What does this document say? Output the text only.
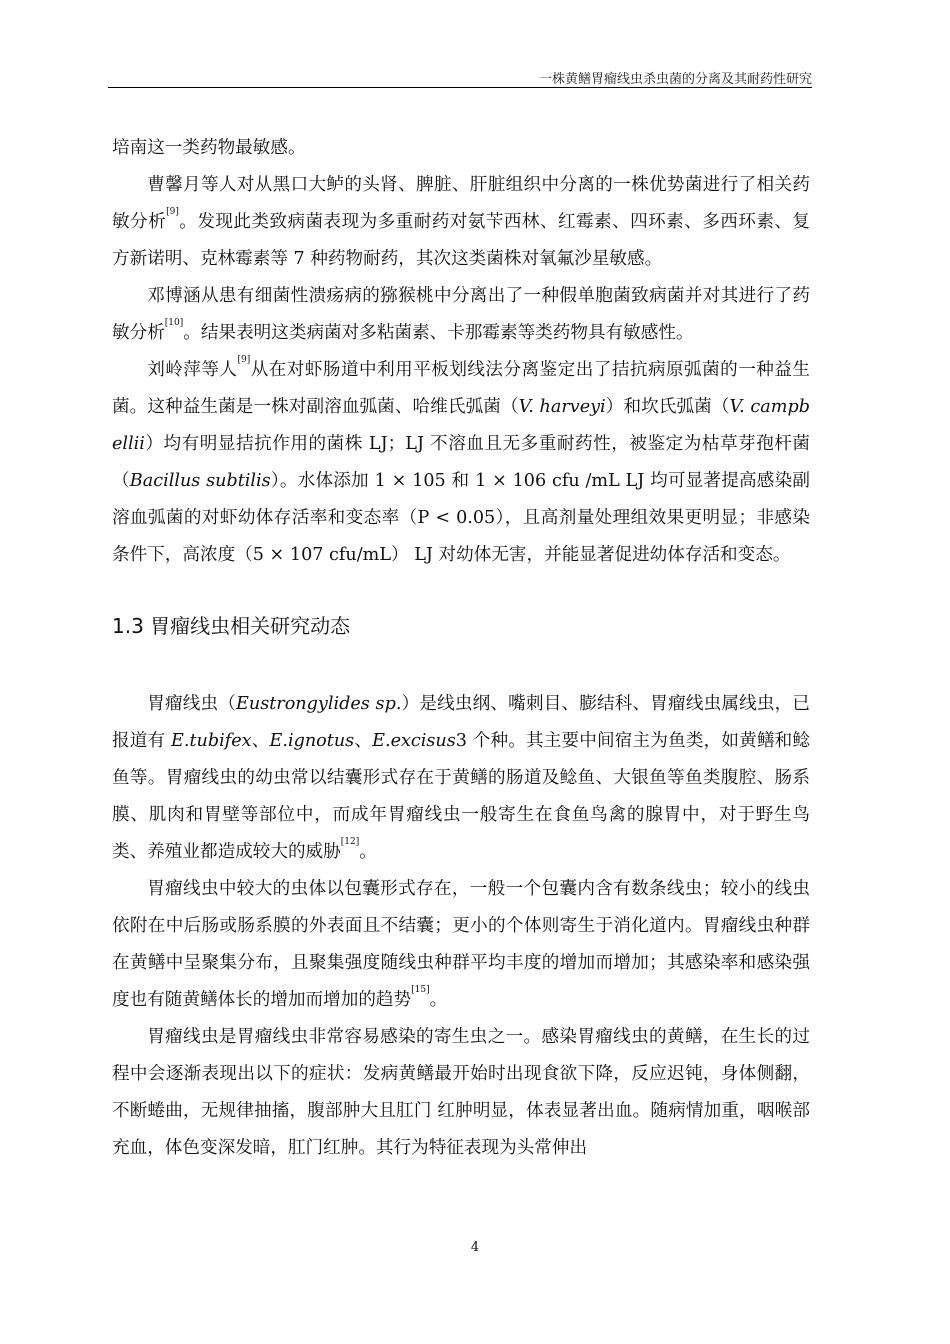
一株黄鳝胃瘤线虫杀虫菌的分离及其耐药性研究

培南这一类药物最敏感。

曹馨月等人对从黑口大鲈的头肾、脾脏、肝脏组织中分离的一株优势菌进行了相关药敏分析[9]。发现此类致病菌表现为多重耐药对氨苄西林、红霉素、四环素、多西环素、复方新诺明、克林霉素等 7 种药物耐药，其次这类菌株对氧氟沙星敏感。

邓博涵从患有细菌性溃疡病的猕猴桃中分离出了一种假单胞菌致病菌并对其进行了药敏分析[10]。结果表明这类病菌对多粘菌素、卡那霉素等类药物具有敏感性。

刘岭萍等人[9]从在对虾肠道中利用平板划线法分离鉴定出了拮抗病原弧菌的一种益生菌。这种益生菌是一株对副溶血弧菌、哈维氏弧菌（V. harveyi）和坎氏弧菌（V. campbellii）均有明显拮抗作用的菌株 LJ；LJ 不溶血且无多重耐药性，被鉴定为枯草芽孢杆菌（Bacillus subtilis）。水体添加 1 × 105 和 1 × 106 cfu /mL LJ 均可显著提高感染副溶血弧菌的对虾幼体存活率和变态率（P < 0.05），且高剂量处理组效果更明显；非感染条件下，高浓度（5 × 107 cfu/mL） LJ 对幼体无害，并能显著促进幼体存活和变态。

1.3 胃瘤线虫相关研究动态

胃瘤线虫（Eustrongylides sp.）是线虫纲、嘴刺目、膨结科、胃瘤线虫属线虫，已报道有 E.tubifex、E.ignotus、E.excisus3 个种。其主要中间宿主为鱼类，如黄鳝和鲶鱼等。胃瘤线虫的幼虫常以结囊形式存在于黄鳝的肠道及鲶鱼、大银鱼等鱼类腹腔、肠系膜、肌肉和胃壁等部位中，而成年胃瘤线虫一般寄生在食鱼鸟禽的腺胃中，对于野生鸟类、养殖业都造成较大的威胁[12]。

胃瘤线虫中较大的虫体以包囊形式存在，一般一个包囊内含有数条线虫；较小的线虫依附在中后肠或肠系膜的外表面且不结囊；更小的个体则寄生于消化道内。胃瘤线虫种群在黄鳝中呈聚集分布，且聚集强度随线虫种群平均丰度的增加而增加；其感染率和感染强度也有随黄鳝体长的增加而增加的趋势[15]。

胃瘤线虫是胃瘤线虫非常容易感染的寄生虫之一。感染胃瘤线虫的黄鳝，在生长的过程中会逐渐表现出以下的症状：发病黄鳝最开始时出现食欲下降，反应迟钝，身体侧翻，不断蜷曲，无规律抽搐，腹部肿大且肛门 红肿明显，体表显著出血。随病情加重，咽喉部充血，体色变深发暗，肛门红肿。其行为特征表现为头常伸出

4
